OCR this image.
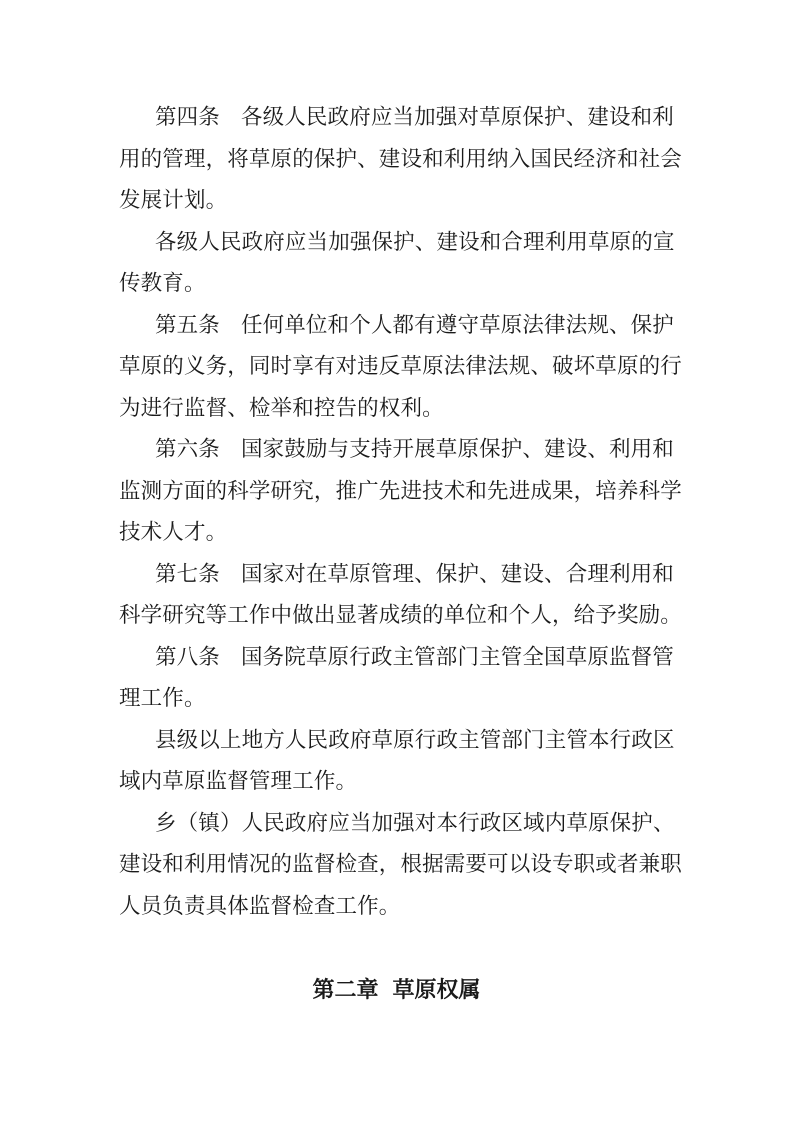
第四条 各级人民政府应当加强对草原保护、建设和利
用的管理，将草原的保护、建设和利用纳入国民经济和社会
发展计划。

各级人民政府应当加强保护、建设和合理利用草原的宣
传教育。

第五条 任何单位和个人都有遵守草原法律法规、保护
草原的义务，同时享有对违反草原法律法规、破坏草原的行
为进行监督、检举和控告的权利。

第六条 国家鼓励与支持开展草原保护、建设、利用和
监测方面的科学研究，推广先进技术和先进成果，培养科学
技术人才。

第七条 国家对在草原管理、保护、建设、合理利用和
科学研究等工作中做出显著成绩的单位和个人，给予奖励。

第八条 国务院草原行政主管部门主管全国草原监督管
理工作。

县级以上地方人民政府草原行政主管部门主管本行政区
域内草原监督管理工作。

乡（镇）人民政府应当加强对本行政区域内草原保护、
建设和利用情况的监督检查，根据需要可以设专职或者兼职
人员负责具体监督检查工作。

第二章 草原权属
